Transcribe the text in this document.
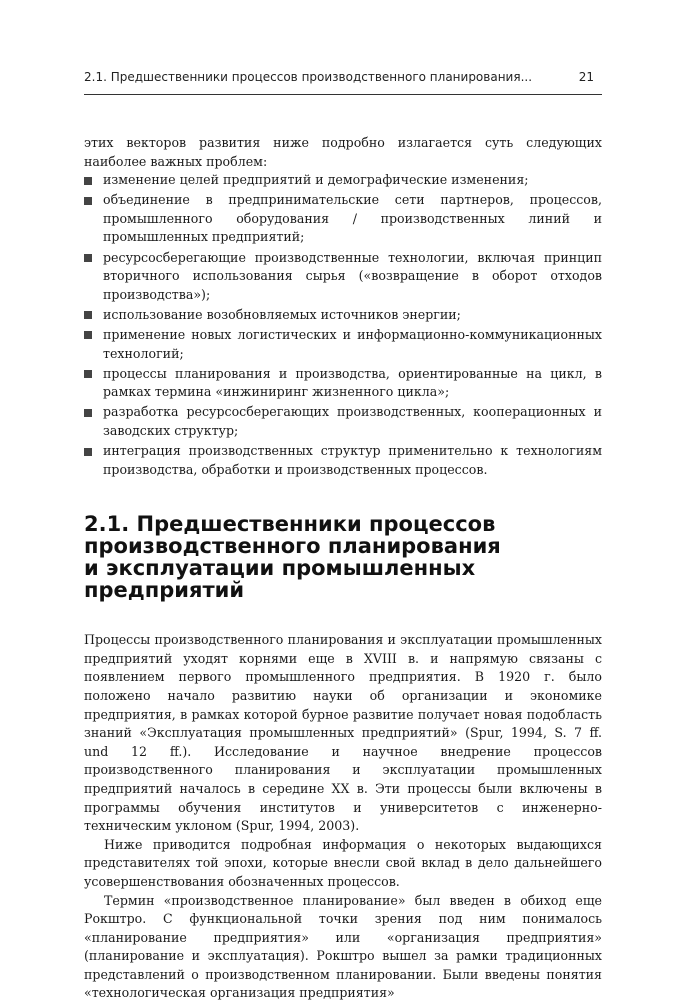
2.1. Предшественники процессов производственного планирования...	21

этих векторов развития ниже подробно излагается суть следующих наиболее важных проблем:

изменение целей предприятий и демографические изменения;
объединение в предпринимательские сети партнеров, процессов, промышленного оборудования / производственных линий и промышленных предприятий;
ресурсосберегающие производственные технологии, включая принцип вторичного использования сырья («возвращение в оборот отходов производства»);
использование возобновляемых источников энергии;
применение новых логистических и информационно-коммуникационных технологий;
процессы планирования и производства, ориентированные на цикл, в рамках термина «инжиниринг жизненного цикла»;
разработка ресурсосберегающих производственных, кооперационных и заводских структур;
интеграция производственных структур применительно к технологиям производства, обработки и производственных процессов.
2.1. Предшественники процессов
производственного планирования
и эксплуатации промышленных предприятий

Процессы производственного планирования и эксплуатации промышленных предприятий уходят корнями еще в XVIII в. и напрямую связаны с появлением первого промышленного предприятия. В 1920 г. было положено начало развитию науки об организации и экономике предприятия, в рамках которой бурное развитие получает новая подобласть знаний «Эксплуатация промышленных предприятий» (Spur, 1994, S. 7 ff. und 12 ff.). Исследование и научное внедрение процессов производственного планирования и эксплуатации промышленных предприятий началось в середине XX в. Эти процессы были включены в программы обучения институтов и университетов с инженерно-техническим уклоном (Spur, 1994, 2003).

Ниже приводится подробная информация о некоторых выдающихся представителях той эпохи, которые внесли свой вклад в дело дальнейшего усовершенствования обозначенных процессов.

Термин «производственное планирование» был введен в обиход еще Рокштро. С функциональной точки зрения под ним понималось «планирование предприятия» или «организация предприятия» (планирование и эксплуатация). Рокштро вышел за рамки традиционных представлений о производственном планировании. Были введены понятия «технологическая организация предприятия»
